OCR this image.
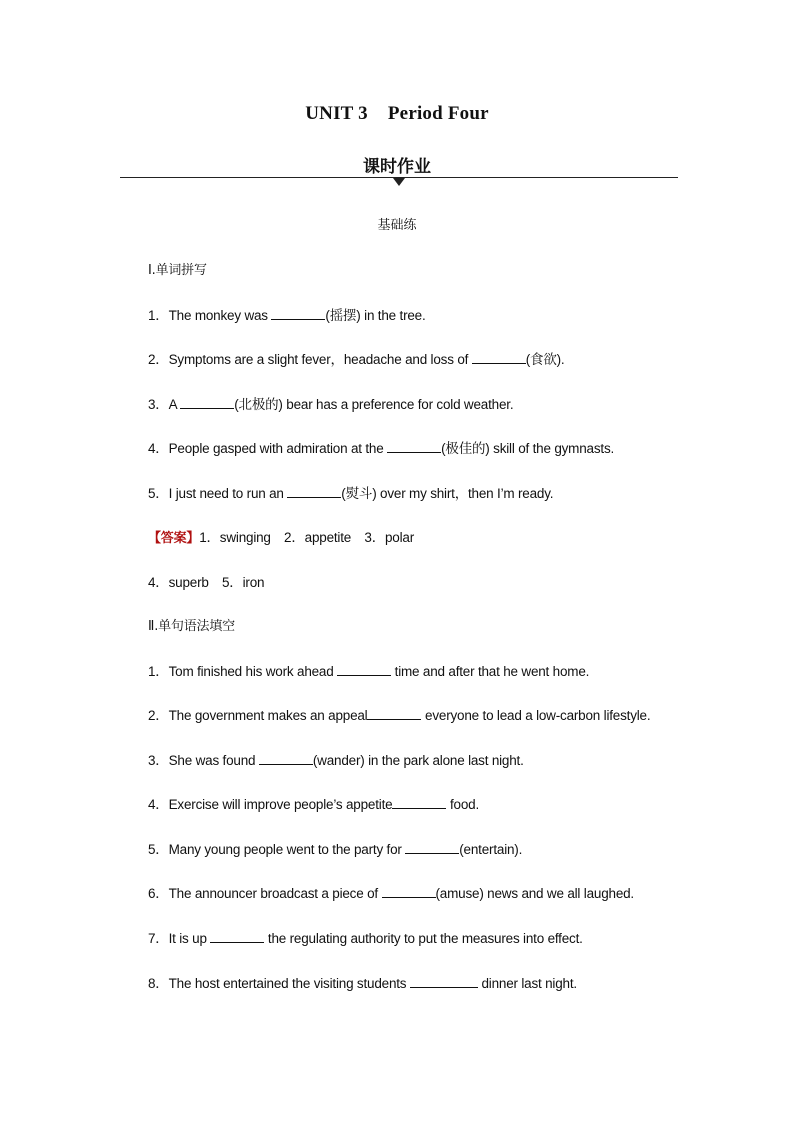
UNIT 3 Period Four
课时作业
基础练
Ⅰ.单词拼写
1．The monkey was	(摇摆) in the tree.
2．Symptoms are a slight fever，headache and loss of	(食欲).
3．A	(北极的) bear has a preference for cold weather.
4．People gasped with admiration at the	(极佳的) skill of the gymnasts.
5．I just need to run an	(熨斗) over my shirt，then I’m ready.
【答案】1．swinging　2．appetite　3．polar
4．superb　5．iron
Ⅱ.单句语法填空
1．Tom finished his work ahead	time and after that he went home.
2．The government makes an appeal	everyone to lead a low-carbon lifestyle.
3．She was found	(wander) in the park alone last night.
4．Exercise will improve people’s appetite	food.
5．Many young people went to the party for	(entertain).
6．The announcer broadcast a piece of	(amuse) news and we all laughed.
7．It is up	the regulating authority to put the measures into effect.
8．The host entertained the visiting students	dinner last night.
